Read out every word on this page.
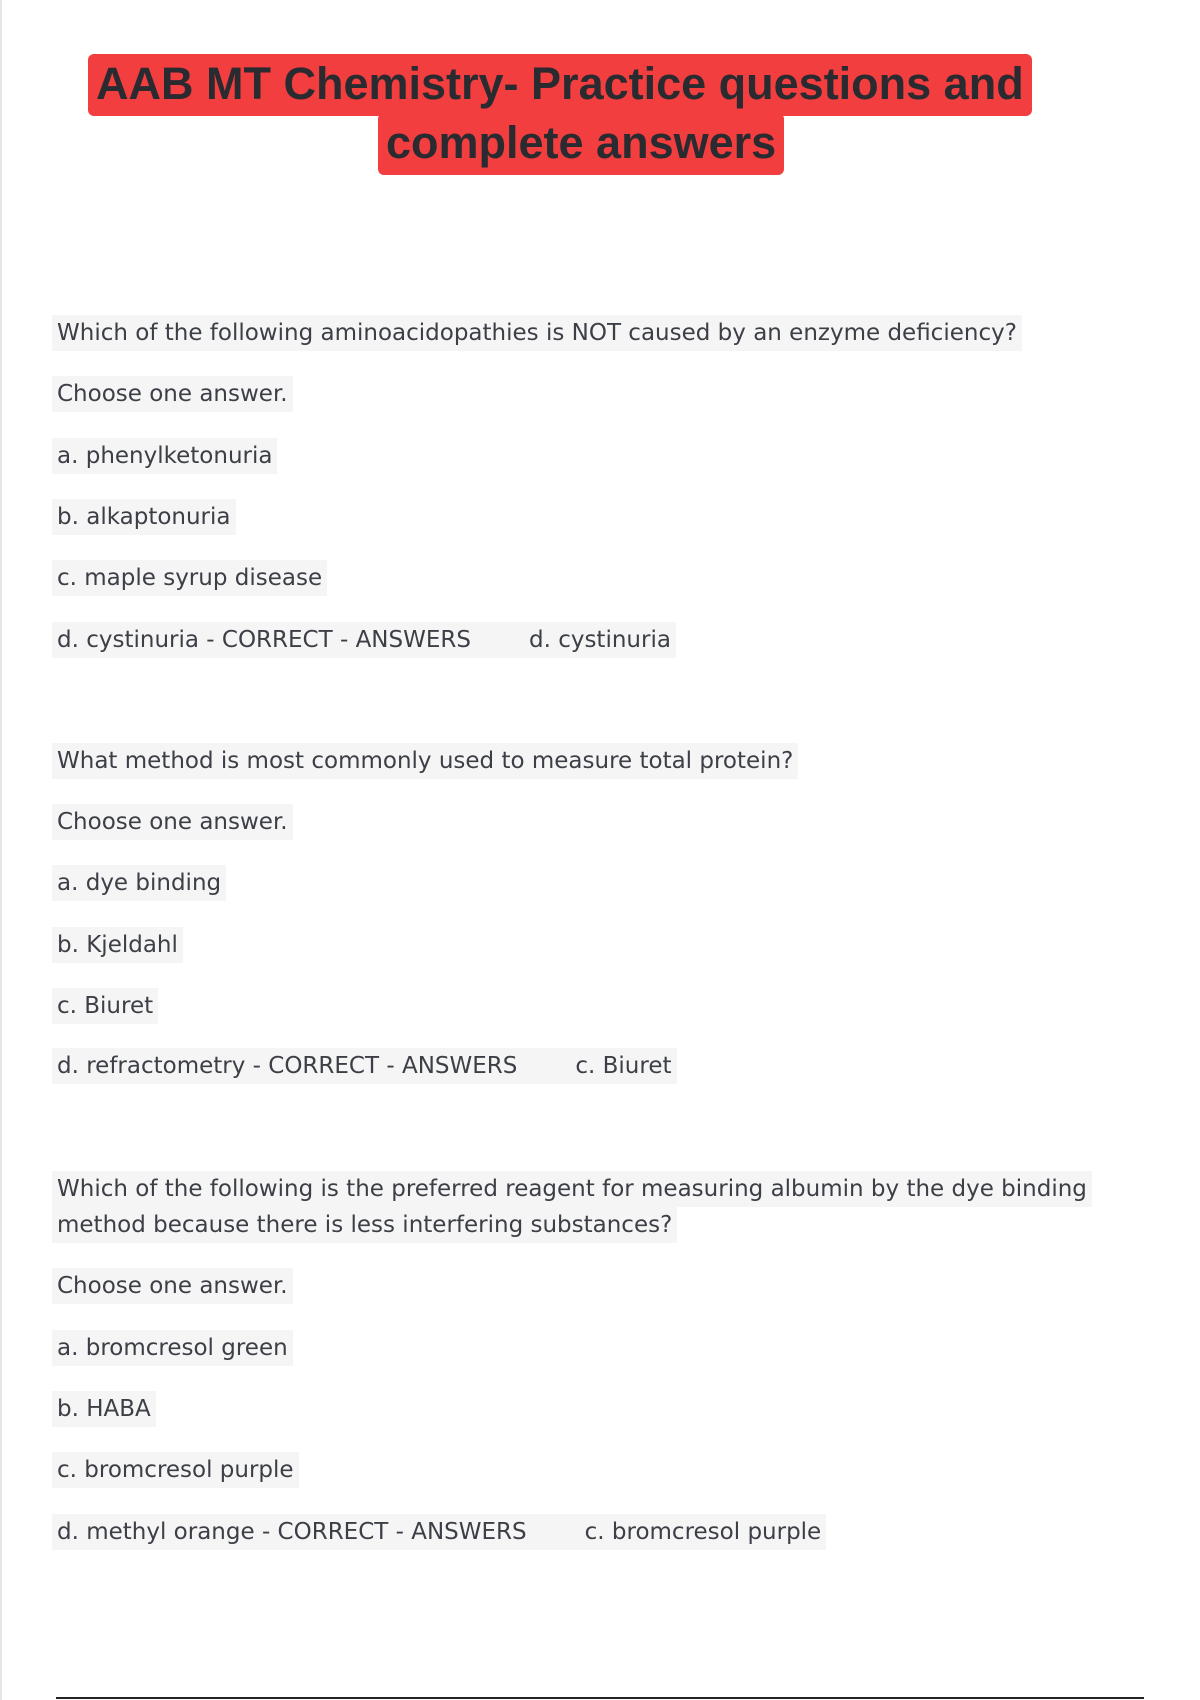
AAB MT Chemistry- Practice questions and
complete answers
Which of the following aminoacidopathies is NOT caused by an enzyme deficiency?
Choose one answer.
a. phenylketonuria
b. alkaptonuria
c. maple syrup disease
d. cystinuria - CORRECT - ANSWERS	d. cystinuria
What method is most commonly used to measure total protein?
Choose one answer.
a. dye binding
b. Kjeldahl
c. Biuret
d. refractometry - CORRECT - ANSWERS	c. Biuret
Which of the following is the preferred reagent for measuring albumin by the dye binding
method because there is less interfering substances?
Choose one answer.
a. bromcresol green
b. HABA
c. bromcresol purple
d. methyl orange - CORRECT - ANSWERS	c. bromcresol purple
